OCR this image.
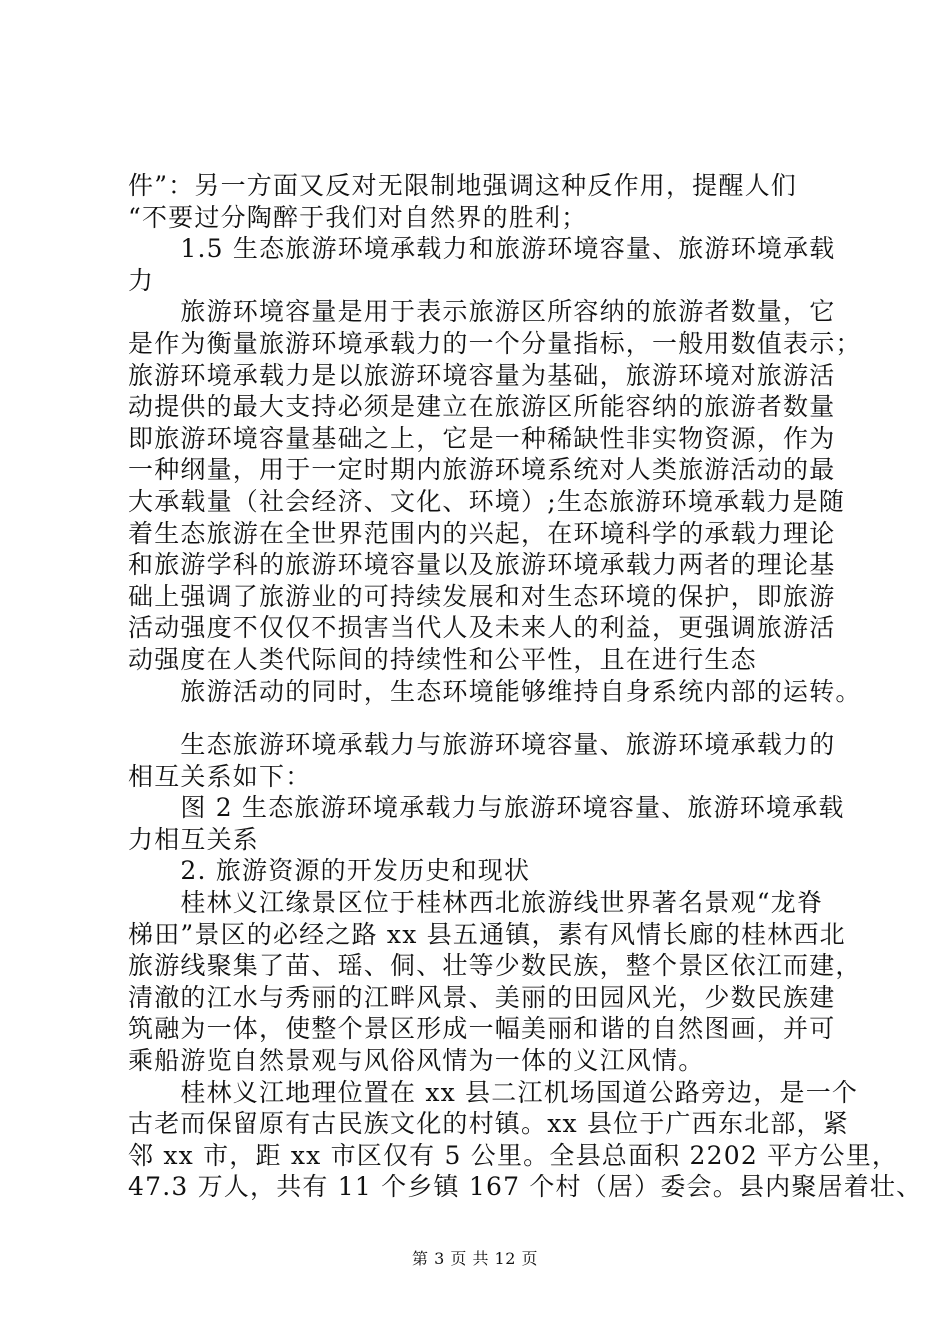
件”：另一方面又反对无限制地强调这种反作用，提醒人们
“不要过分陶醉于我们对自然界的胜利；
　　1.5 生态旅游环境承载力和旅游环境容量、旅游环境承载
力
　　旅游环境容量是用于表示旅游区所容纳的旅游者数量，它
是作为衡量旅游环境承载力的一个分量指标，一般用数值表示；
旅游环境承载力是以旅游环境容量为基础，旅游环境对旅游活
动提供的最大支持必须是建立在旅游区所能容纳的旅游者数量
即旅游环境容量基础之上，它是一种稀缺性非实物资源，作为
一种纲量，用于一定时期内旅游环境系统对人类旅游活动的最
大承载量（社会经济、文化、环境）;生态旅游环境承载力是随
着生态旅游在全世界范围内的兴起，在环境科学的承载力理论
和旅游学科的旅游环境容量以及旅游环境承载力两者的理论基
础上强调了旅游业的可持续发展和对生态环境的保护，即旅游
活动强度不仅仅不损害当代人及未来人的利益，更强调旅游活
动强度在人类代际间的持续性和公平性，且在进行生态
　　旅游活动的同时，生态环境能够维持自身系统内部的运转。
　　生态旅游环境承载力与旅游环境容量、旅游环境承载力的
相互关系如下：
　　图 2 生态旅游环境承载力与旅游环境容量、旅游环境承载
力相互关系
　　2. 旅游资源的开发历史和现状
　　桂林义江缘景区位于桂林西北旅游线世界著名景观“龙脊
梯田”景区的必经之路 xx 县五通镇，素有风情长廊的桂林西北
旅游线聚集了苗、瑶、侗、壮等少数民族，整个景区依江而建，
清澈的江水与秀丽的江畔风景、美丽的田园风光，少数民族建
筑融为一体，使整个景区形成一幅美丽和谐的自然图画，并可
乘船游览自然景观与风俗风情为一体的义江风情。
　　桂林义江地理位置在 xx 县二江机场国道公路旁边，是一个
古老而保留原有古民族文化的村镇。xx 县位于广西东北部，紧
邻 xx 市，距 xx 市区仅有 5 公里。全县总面积 2202 平方公里，
47.3 万人，共有 11 个乡镇 167 个村（居）委会。县内聚居着壮、
第 3 页 共 12 页
